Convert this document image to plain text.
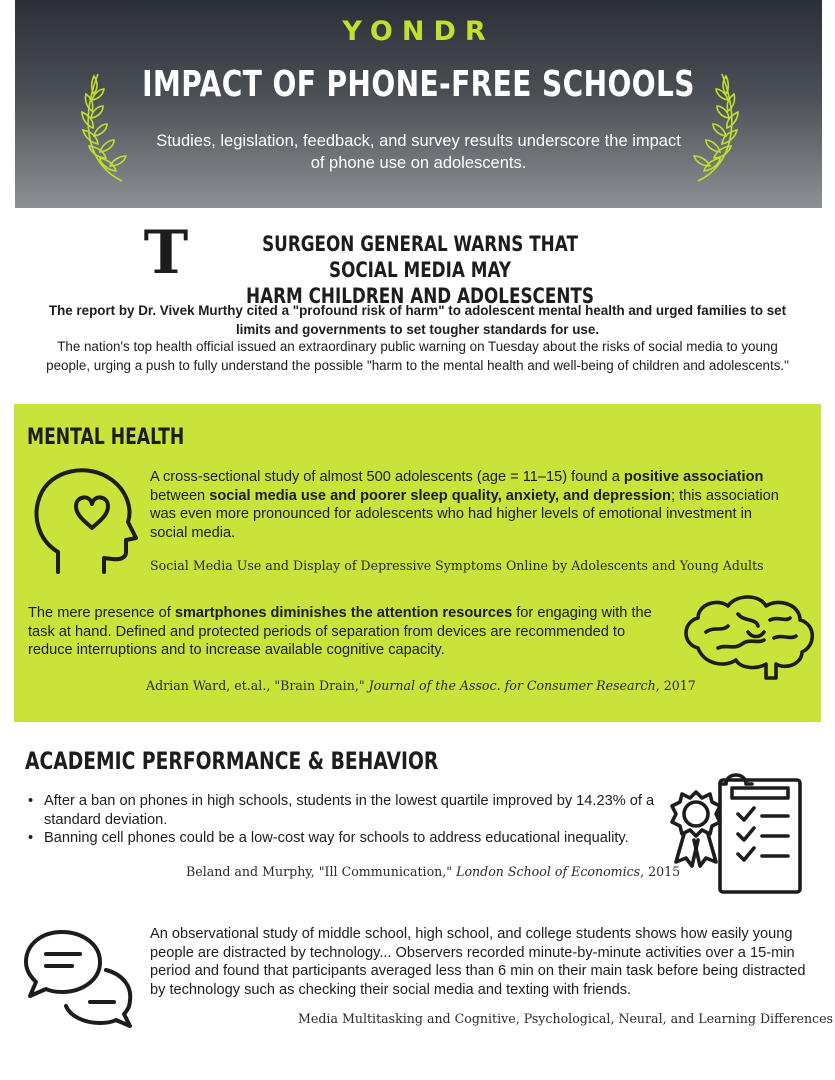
YONDR
IMPACT OF PHONE-FREE SCHOOLS
Studies, legislation, feedback, and survey results underscore the impact of phone use on adolescents.
T	SURGEON GENERAL WARNS THAT SOCIAL MEDIA MAY
HARM CHILDREN AND ADOLESCENTS

The report by Dr. Vivek Murthy cited a "profound risk of harm" to adolescent mental health and urged families to set limits and governments to set tougher standards for use.

The nation's top health official issued an extraordinary public warning on Tuesday about the risks of social media to young people, urging a push to fully understand the possible "harm to the mental health and well-being of children and adolescents."

MENTAL HEALTH

A cross-sectional study of almost 500 adolescents (age = 11–15) found a positive association between social media use and poorer sleep quality, anxiety, and depression; this association was even more pronounced for adolescents who had higher levels of emotional investment in social media.

Social Media Use and Display of Depressive Symptoms Online by Adolescents and Young Adults

The mere presence of smartphones diminishes the attention resources for engaging with the task at hand. Defined and protected periods of separation from devices are recommended to reduce interruptions and to increase available cognitive capacity.

Adrian Ward, et.al., "Brain Drain," Journal of the Assoc. for Consumer Research, 2017
ACADEMIC PERFORMANCE & BEHAVIOR
• After a ban on phones in high schools, students in the lowest quartile improved by 14.23% of a standard deviation.
• Banning cell phones could be a low-cost way for schools to address educational inequality.
Beland and Murphy, "Ill Communication," London School of Economics, 2015

An observational study of middle school, high school, and college students shows how easily young people are distracted by technology... Observers recorded minute-by-minute activities over a 15-min period and found that participants averaged less than 6 min on their main task before being distracted by technology such as checking their social media and texting with friends.

Media Multitasking and Cognitive, Psychological, Neural, and Learning Differences
